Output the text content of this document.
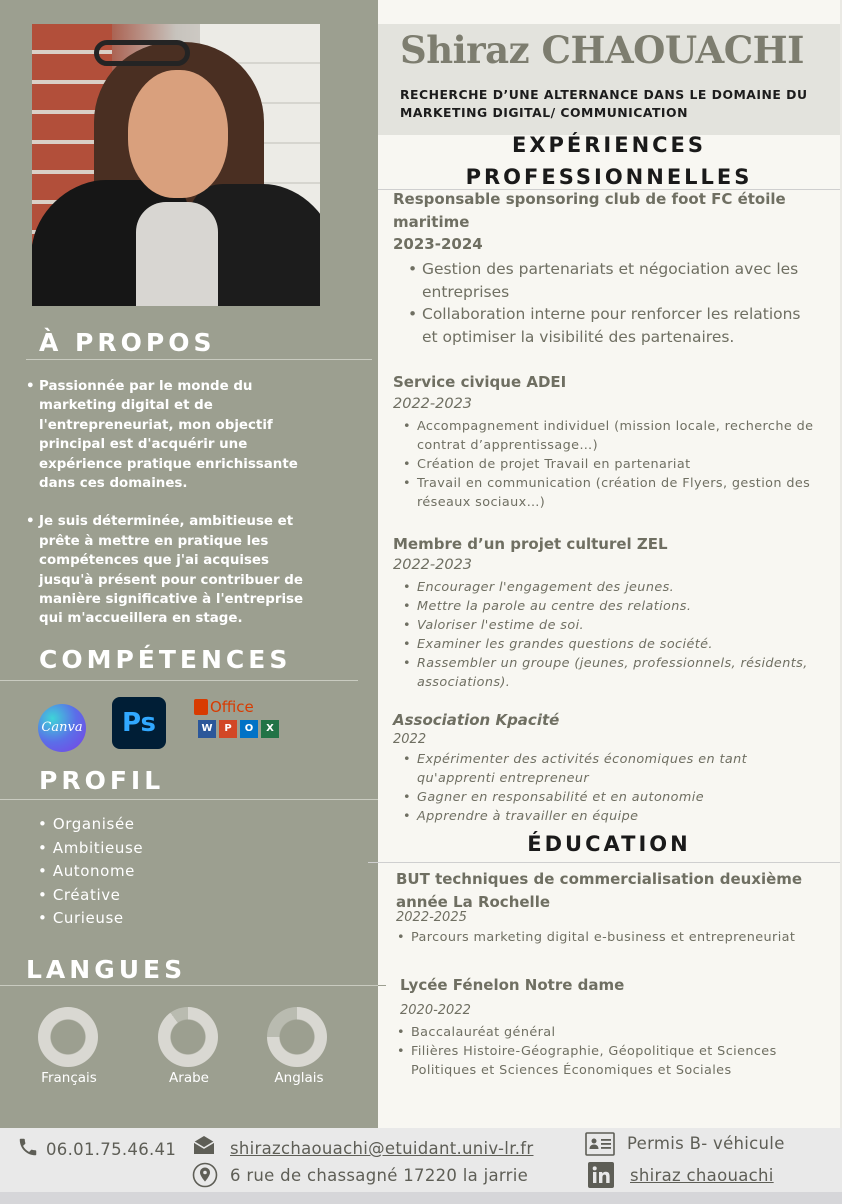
À PROPOS
• Passionnée par le monde du marketing digital et de l'entrepreneuriat, mon objectif principal est d'acquérir une expérience pratique enrichissante dans ces domaines.
• Je suis déterminée, ambitieuse et prête à mettre en pratique les compétences que j'ai acquises jusqu'à présent pour contribuer de manière significative à l'entreprise qui m'accueillera en stage.
COMPÉTENCES
Canva	Ps
Office
W	P	O	X
PROFIL
• Organisée
• Ambitieuse
• Autonome
• Créative
• Curieuse
LANGUES
Français	Arabe	Anglais
Shiraz CHAOUACHI
RECHERCHE D’UNE ALTERNANCE DANS LE DOMAINE DU MARKETING DIGITAL/ COMMUNICATION
EXPÉRIENCES PROFESSIONNELLES
Responsable sponsoring club de foot FC étoile maritime
2023-2024
• Gestion des partenariats et négociation avec les entreprises
• Collaboration interne pour renforcer les relations et optimiser la visibilité des partenaires.
Service civique ADEI
2022-2023
• Accompagnement individuel (mission locale, recherche de contrat d’apprentissage…)
• Création de projet Travail en partenariat
• Travail en communication (création de Flyers, gestion des réseaux sociaux…)
Membre d’un projet culturel ZEL
2022-2023
• Encourager l'engagement des jeunes.
• Mettre la parole au centre des relations.
• Valoriser l'estime de soi.
• Examiner les grandes questions de société.
• Rassembler un groupe (jeunes, professionnels, résidents, associations).
Association Kpacité
2022
• Expérimenter des activités économiques en tant qu'apprenti entrepreneur
• Gagner en responsabilité et en autonomie
• Apprendre à travailler en équipe
ÉDUCATION
BUT techniques de commercialisation deuxième année La Rochelle
2022-2025
• Parcours marketing digital e-business et entrepreneuriat
Lycée Fénelon Notre dame
2020-2022
• Baccalauréat général
• Filières Histoire-Géographie, Géopolitique et Sciences Politiques et Sciences Économiques et Sociales
06.01.75.46.41	shirazchaouachi@etuidant.univ-lr.fr
6 rue de chassagné 17220 la jarrie
Permis B- véhicule
shiraz chaouachi
